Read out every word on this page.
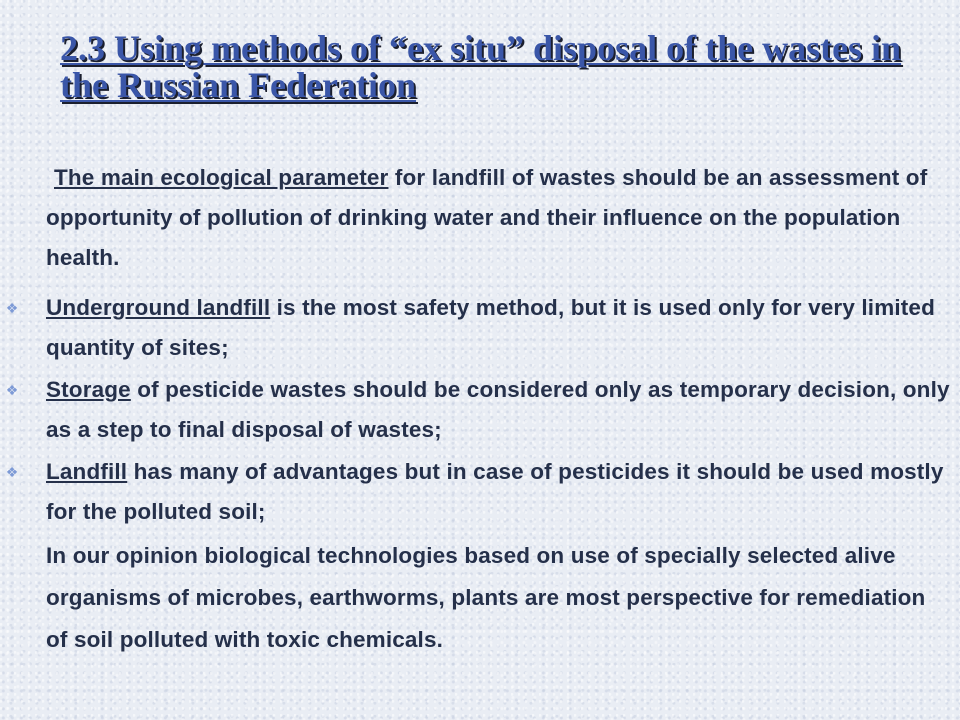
2.3 Using methods of “ex situ” disposal of the wastes in the Russian Federation

The main ecological parameter for landfill of wastes should be an assessment of opportunity of pollution of drinking water and their influence on the population health.

❖ Underground landfill is the most safety method, but it is used only for very limited quantity of sites;

❖ Storage of pesticide wastes should be considered only as temporary decision, only as a step to final disposal of wastes;

❖ Landfill has many of advantages but in case of pesticides it should be used mostly for the polluted soil;

In our opinion biological technologies based on use of specially selected alive organisms of microbes, earthworms, plants are most perspective for remediation of soil polluted with toxic chemicals.
